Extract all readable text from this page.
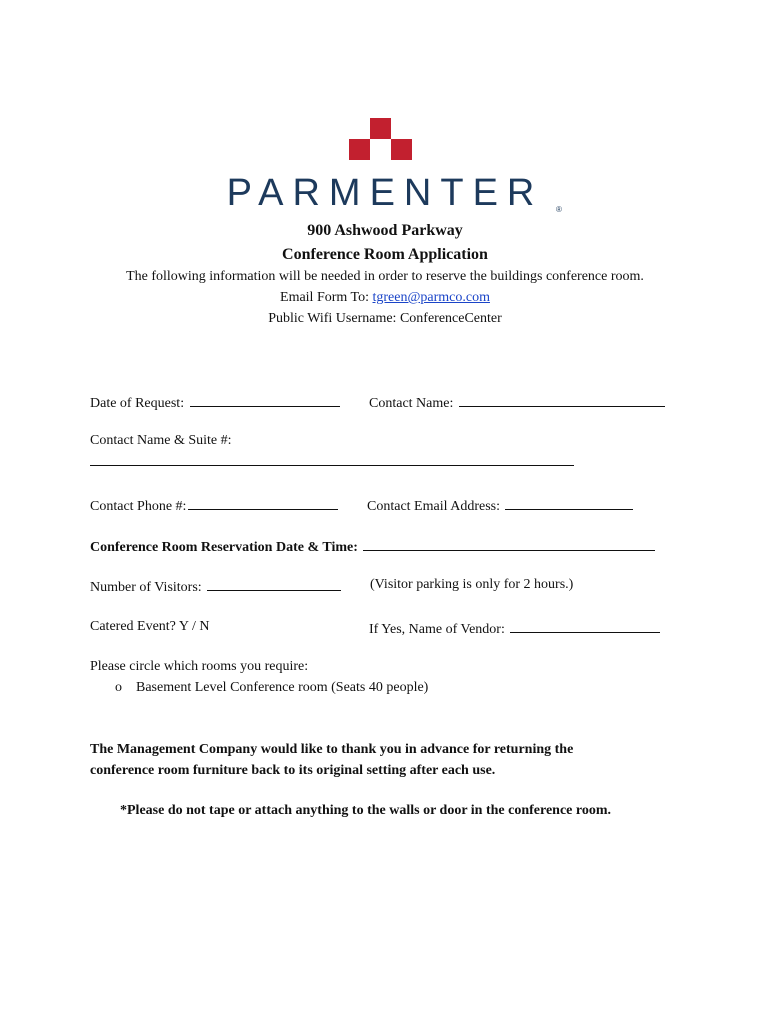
PARMENTER	®
900 Ashwood Parkway
Conference Room Application
The following information will be needed in order to reserve the buildings conference room.
Email Form To: tgreen@parmco.com
Public Wifi Username: ConferenceCenter
Date of Request:	Contact Name:
Contact Name & Suite #:
Contact Phone #:	Contact Email Address:
Conference Room Reservation Date & Time:
Number of Visitors:	(Visitor parking is only for 2 hours.)
Catered Event? Y / N	If Yes, Name of Vendor:
Please circle which rooms you require:
o Basement Level Conference room (Seats 40 people)
The Management Company would like to thank you in advance for returning the
conference room furniture back to its original setting after each use.
*Please do not tape or attach anything to the walls or door in the conference room.
